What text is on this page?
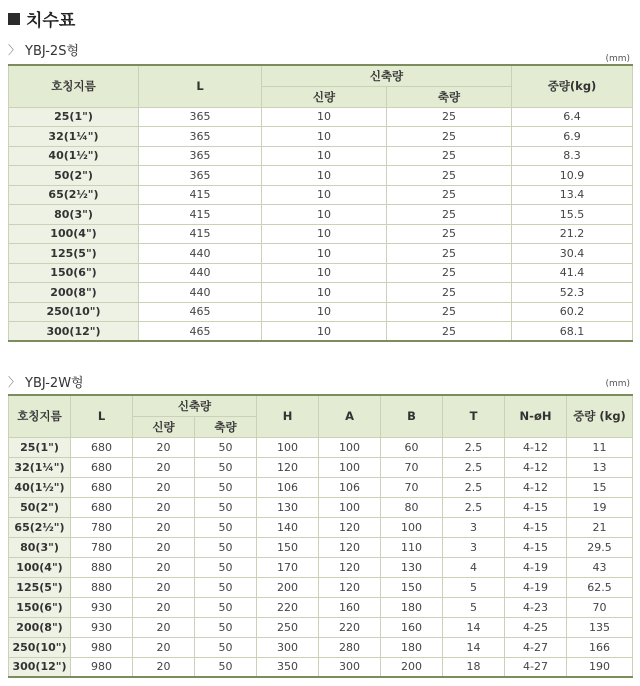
치수표
〉 YBJ-2S형	(mm)
호칭지름	L	신축량		중량(kg)
		신량	축량	
25(1")	365	10	25	6.4
32(1¼")	365	10	25	6.9
40(1½")	365	10	25	8.3
50(2")	365	10	25	10.9
65(2½")	415	10	25	13.4
80(3")	415	10	25	15.5
100(4")	415	10	25	21.2
125(5")	440	10	25	30.4
150(6")	440	10	25	41.4
200(8")	440	10	25	52.3
250(10")	465	10	25	60.2
300(12")	465	10	25	68.1
〉 YBJ-2W형	(mm)
호칭지름	L	신축량		H	A	B	T	N-øH	중량 (kg)
		신량	축량						
25(1")	680	20	50	100	100	60	2.5	4-12	11
32(1¼")	680	20	50	120	100	70	2.5	4-12	13
40(1½")	680	20	50	106	106	70	2.5	4-12	15
50(2")	680	20	50	130	100	80	2.5	4-15	19
65(2½")	780	20	50	140	120	100	3	4-15	21
80(3")	780	20	50	150	120	110	3	4-15	29.5
100(4")	880	20	50	170	120	130	4	4-19	43
125(5")	880	20	50	200	120	150	5	4-19	62.5
150(6")	930	20	50	220	160	180	5	4-23	70
200(8")	930	20	50	250	220	160	14	4-25	135
250(10")	980	20	50	300	280	180	14	4-27	166
300(12")	980	20	50	350	300	200	18	4-27	190
